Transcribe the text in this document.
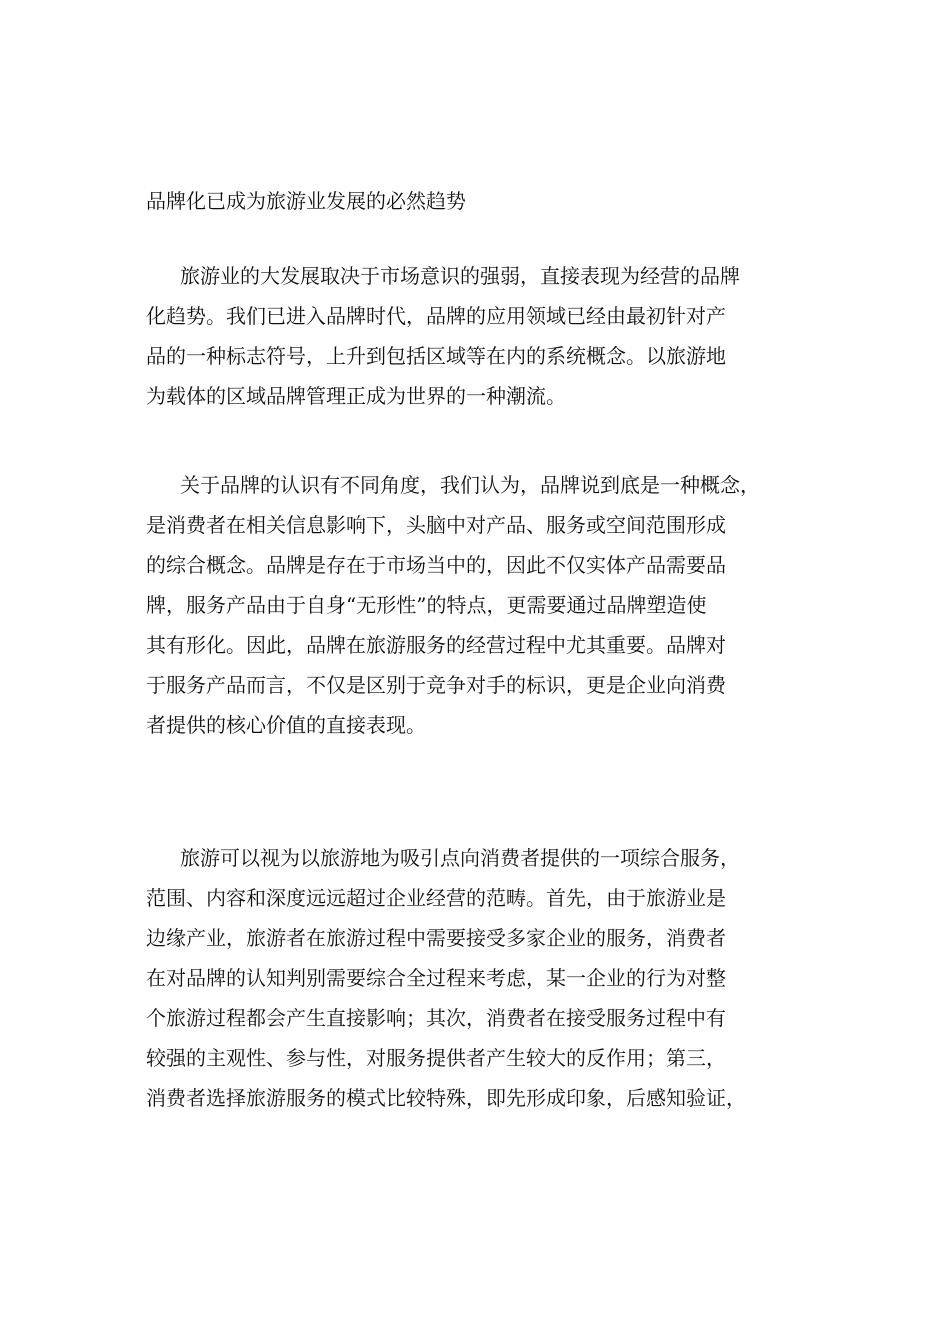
品牌化已成为旅游业发展的必然趋势
旅游业的大发展取决于市场意识的强弱，直接表现为经营的品牌
化趋势。我们已进入品牌时代，品牌的应用领域已经由最初针对产
品的一种标志符号，上升到包括区域等在内的系统概念。以旅游地
为载体的区域品牌管理正成为世界的一种潮流。
关于品牌的认识有不同角度，我们认为，品牌说到底是一种概念，
是消费者在相关信息影响下，头脑中对产品、服务或空间范围形成
的综合概念。品牌是存在于市场当中的，因此不仅实体产品需要品
牌，服务产品由于自身“无形性”的特点，更需要通过品牌塑造使
其有形化。因此，品牌在旅游服务的经营过程中尤其重要。品牌对
于服务产品而言，不仅是区别于竞争对手的标识，更是企业向消费
者提供的核心价值的直接表现。
旅游可以视为以旅游地为吸引点向消费者提供的一项综合服务，
范围、内容和深度远远超过企业经营的范畴。首先，由于旅游业是
边缘产业，旅游者在旅游过程中需要接受多家企业的服务，消费者
在对品牌的认知判别需要综合全过程来考虑，某一企业的行为对整
个旅游过程都会产生直接影响；其次，消费者在接受服务过程中有
较强的主观性、参与性，对服务提供者产生较大的反作用；第三，
消费者选择旅游服务的模式比较特殊，即先形成印象，后感知验证，
